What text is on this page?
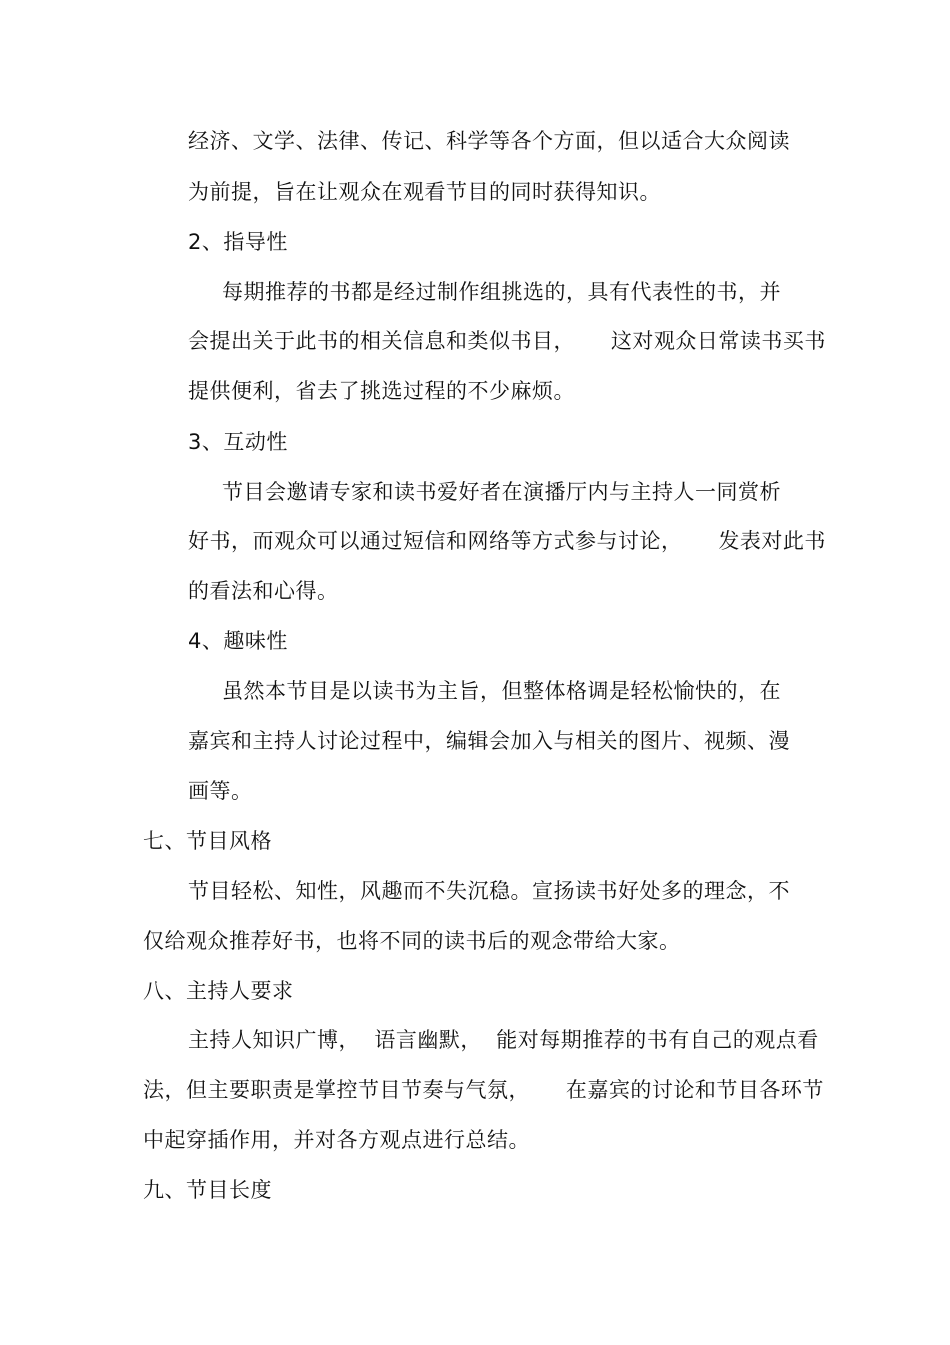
经济、文学、法律、传记、科学等各个方面，但以适合大众阅读
为前提，旨在让观众在观看节目的同时获得知识。
2、指导性
每期推荐的书都是经过制作组挑选的，具有代表性的书，并
会提出关于此书的相关信息和类似书目，     这对观众日常读书买书
提供便利，省去了挑选过程的不少麻烦。
3、互动性
节目会邀请专家和读书爱好者在演播厅内与主持人一同赏析
好书，而观众可以通过短信和网络等方式参与讨论，     发表对此书
的看法和心得。
4、趣味性
虽然本节目是以读书为主旨，但整体格调是轻松愉快的，在
嘉宾和主持人讨论过程中，编辑会加入与相关的图片、视频、漫
画等。
七、节目风格
节目轻松、知性，风趣而不失沉稳。宣扬读书好处多的理念，不
仅给观众推荐好书，也将不同的读书后的观念带给大家。
八、主持人要求
主持人知识广博，  语言幽默，  能对每期推荐的书有自己的观点看
法，但主要职责是掌控节目节奏与气氛，     在嘉宾的讨论和节目各环节
中起穿插作用，并对各方观点进行总结。
九、节目长度
